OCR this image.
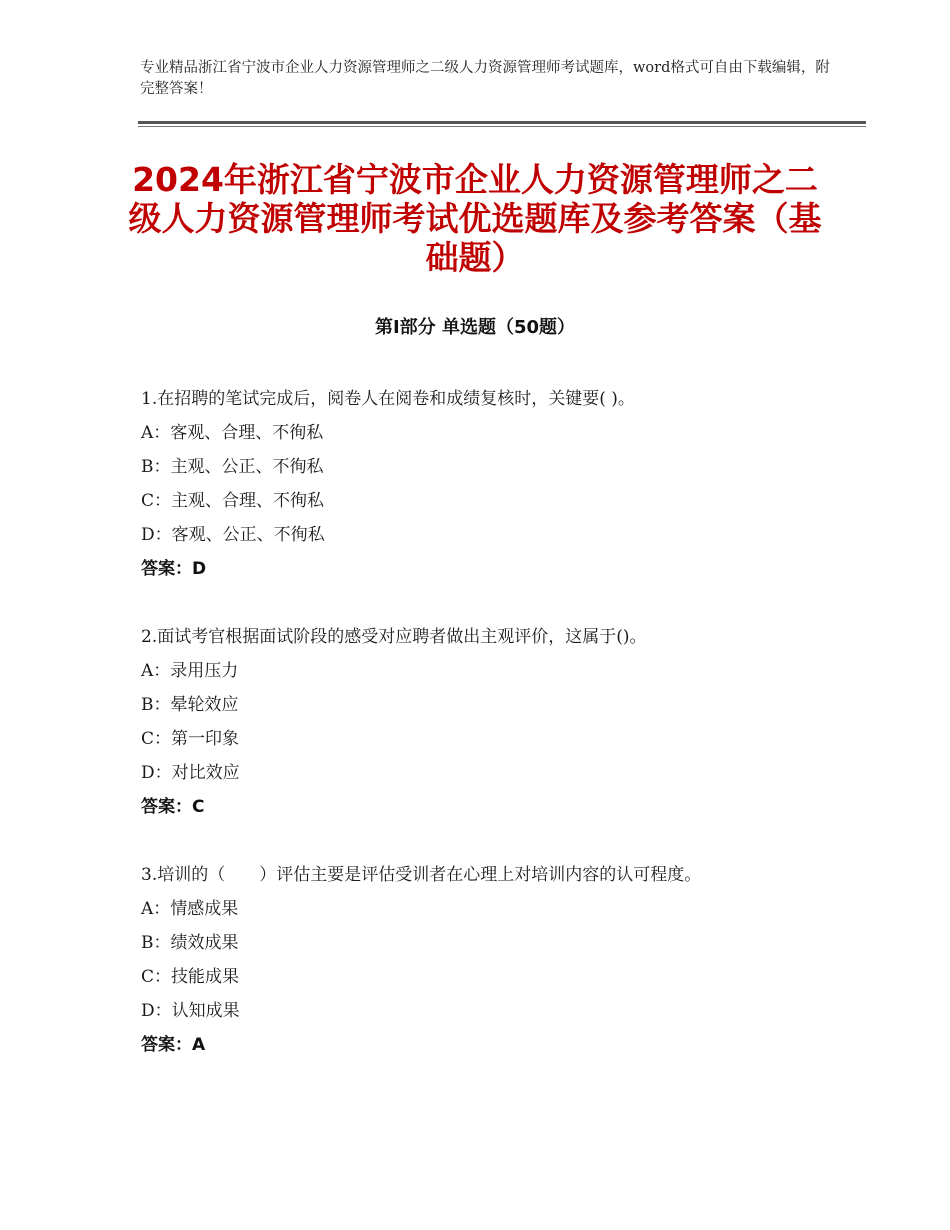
专业精品浙江省宁波市企业人力资源管理师之二级人力资源管理师考试题库，word格式可自由下载编辑，附完整答案！
2024年浙江省宁波市企业人力资源管理师之二级人力资源管理师考试优选题库及参考答案（基础题）
第Ⅰ部分 单选题（50题）
1.在招聘的笔试完成后，阅卷人在阅卷和成绩复核时，关键要( )。
A：客观、合理、不徇私
B：主观、公正、不徇私
C：主观、合理、不徇私
D：客观、公正、不徇私
答案：D
2.面试考官根据面试阶段的感受对应聘者做出主观评价，这属于()。
A：录用压力
B：晕轮效应
C：第一印象
D：对比效应
答案：C
3.培训的（　　）评估主要是评估受训者在心理上对培训内容的认可程度。
A：情感成果
B：绩效成果
C：技能成果
D：认知成果
答案：A
